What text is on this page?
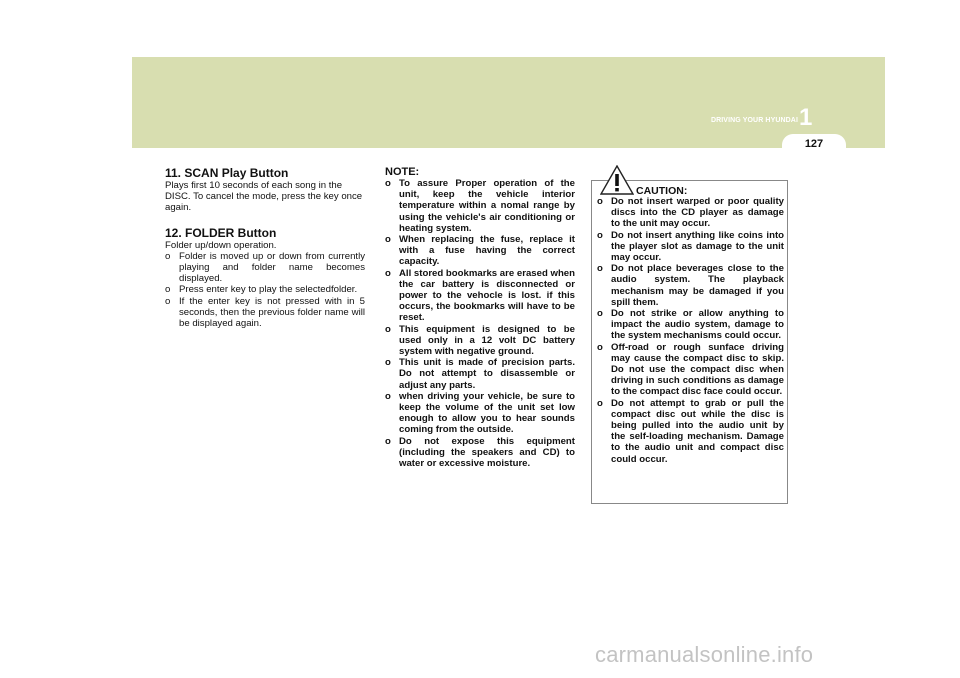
1
DRIVING YOUR HYUNDAI
127
11. SCAN Play Button

Plays first 10 seconds of each song in the DISC. To cancel the mode, press the key once again.

12. FOLDER Button

Folder up/down operation.

o Folder is moved up or down from currently playing and folder name becomes displayed.
o Press enter key to play the selectedfolder.
o If the enter key is not pressed with in 5 seconds, then the previous folder name will be displayed again.
NOTE:
o To assure Proper operation of the unit, keep the vehicle interior temperature within a nomal range by using the vehicle's air conditioning or heating system.
o When replacing the fuse, replace it with a fuse having the correct capacity.
o All stored bookmarks are erased when the car battery is disconnected or power to the vehocle is lost. if this occurs, the bookmarks will have to be reset.
o This equipment is designed to be used only in a 12 volt DC battery system with negative ground.
o This unit is made of precision parts. Do not attempt to disassemble or adjust any parts.
o when driving your vehicle, be sure to keep the volume of the unit set low enough to allow you to hear sounds coming from the outside.
o Do not expose this equipment (including the speakers and CD) to water or excessive moisture.
CAUTION:
o Do not insert warped or poor quality discs into the CD player as damage to the unit may occur.
o Do not insert anything like coins into the player slot as damage to the unit may occur.
o Do not place beverages close to the audio system. The playback mechanism may be damaged if you spill them.
o Do not strike or allow anything to impact the audio system, damage to the system mechanisms could occur.
o Off-road or rough sunface driving may cause the compact disc to skip. Do not use the compact disc when driving in such conditions as damage to the compact disc face could occur.
o Do not attempt to grab or pull the compact disc out while the disc is being pulled into the audio unit by the self-loading mechanism. Damage to the audio unit and compact disc could occur.
carmanualsonline.info
